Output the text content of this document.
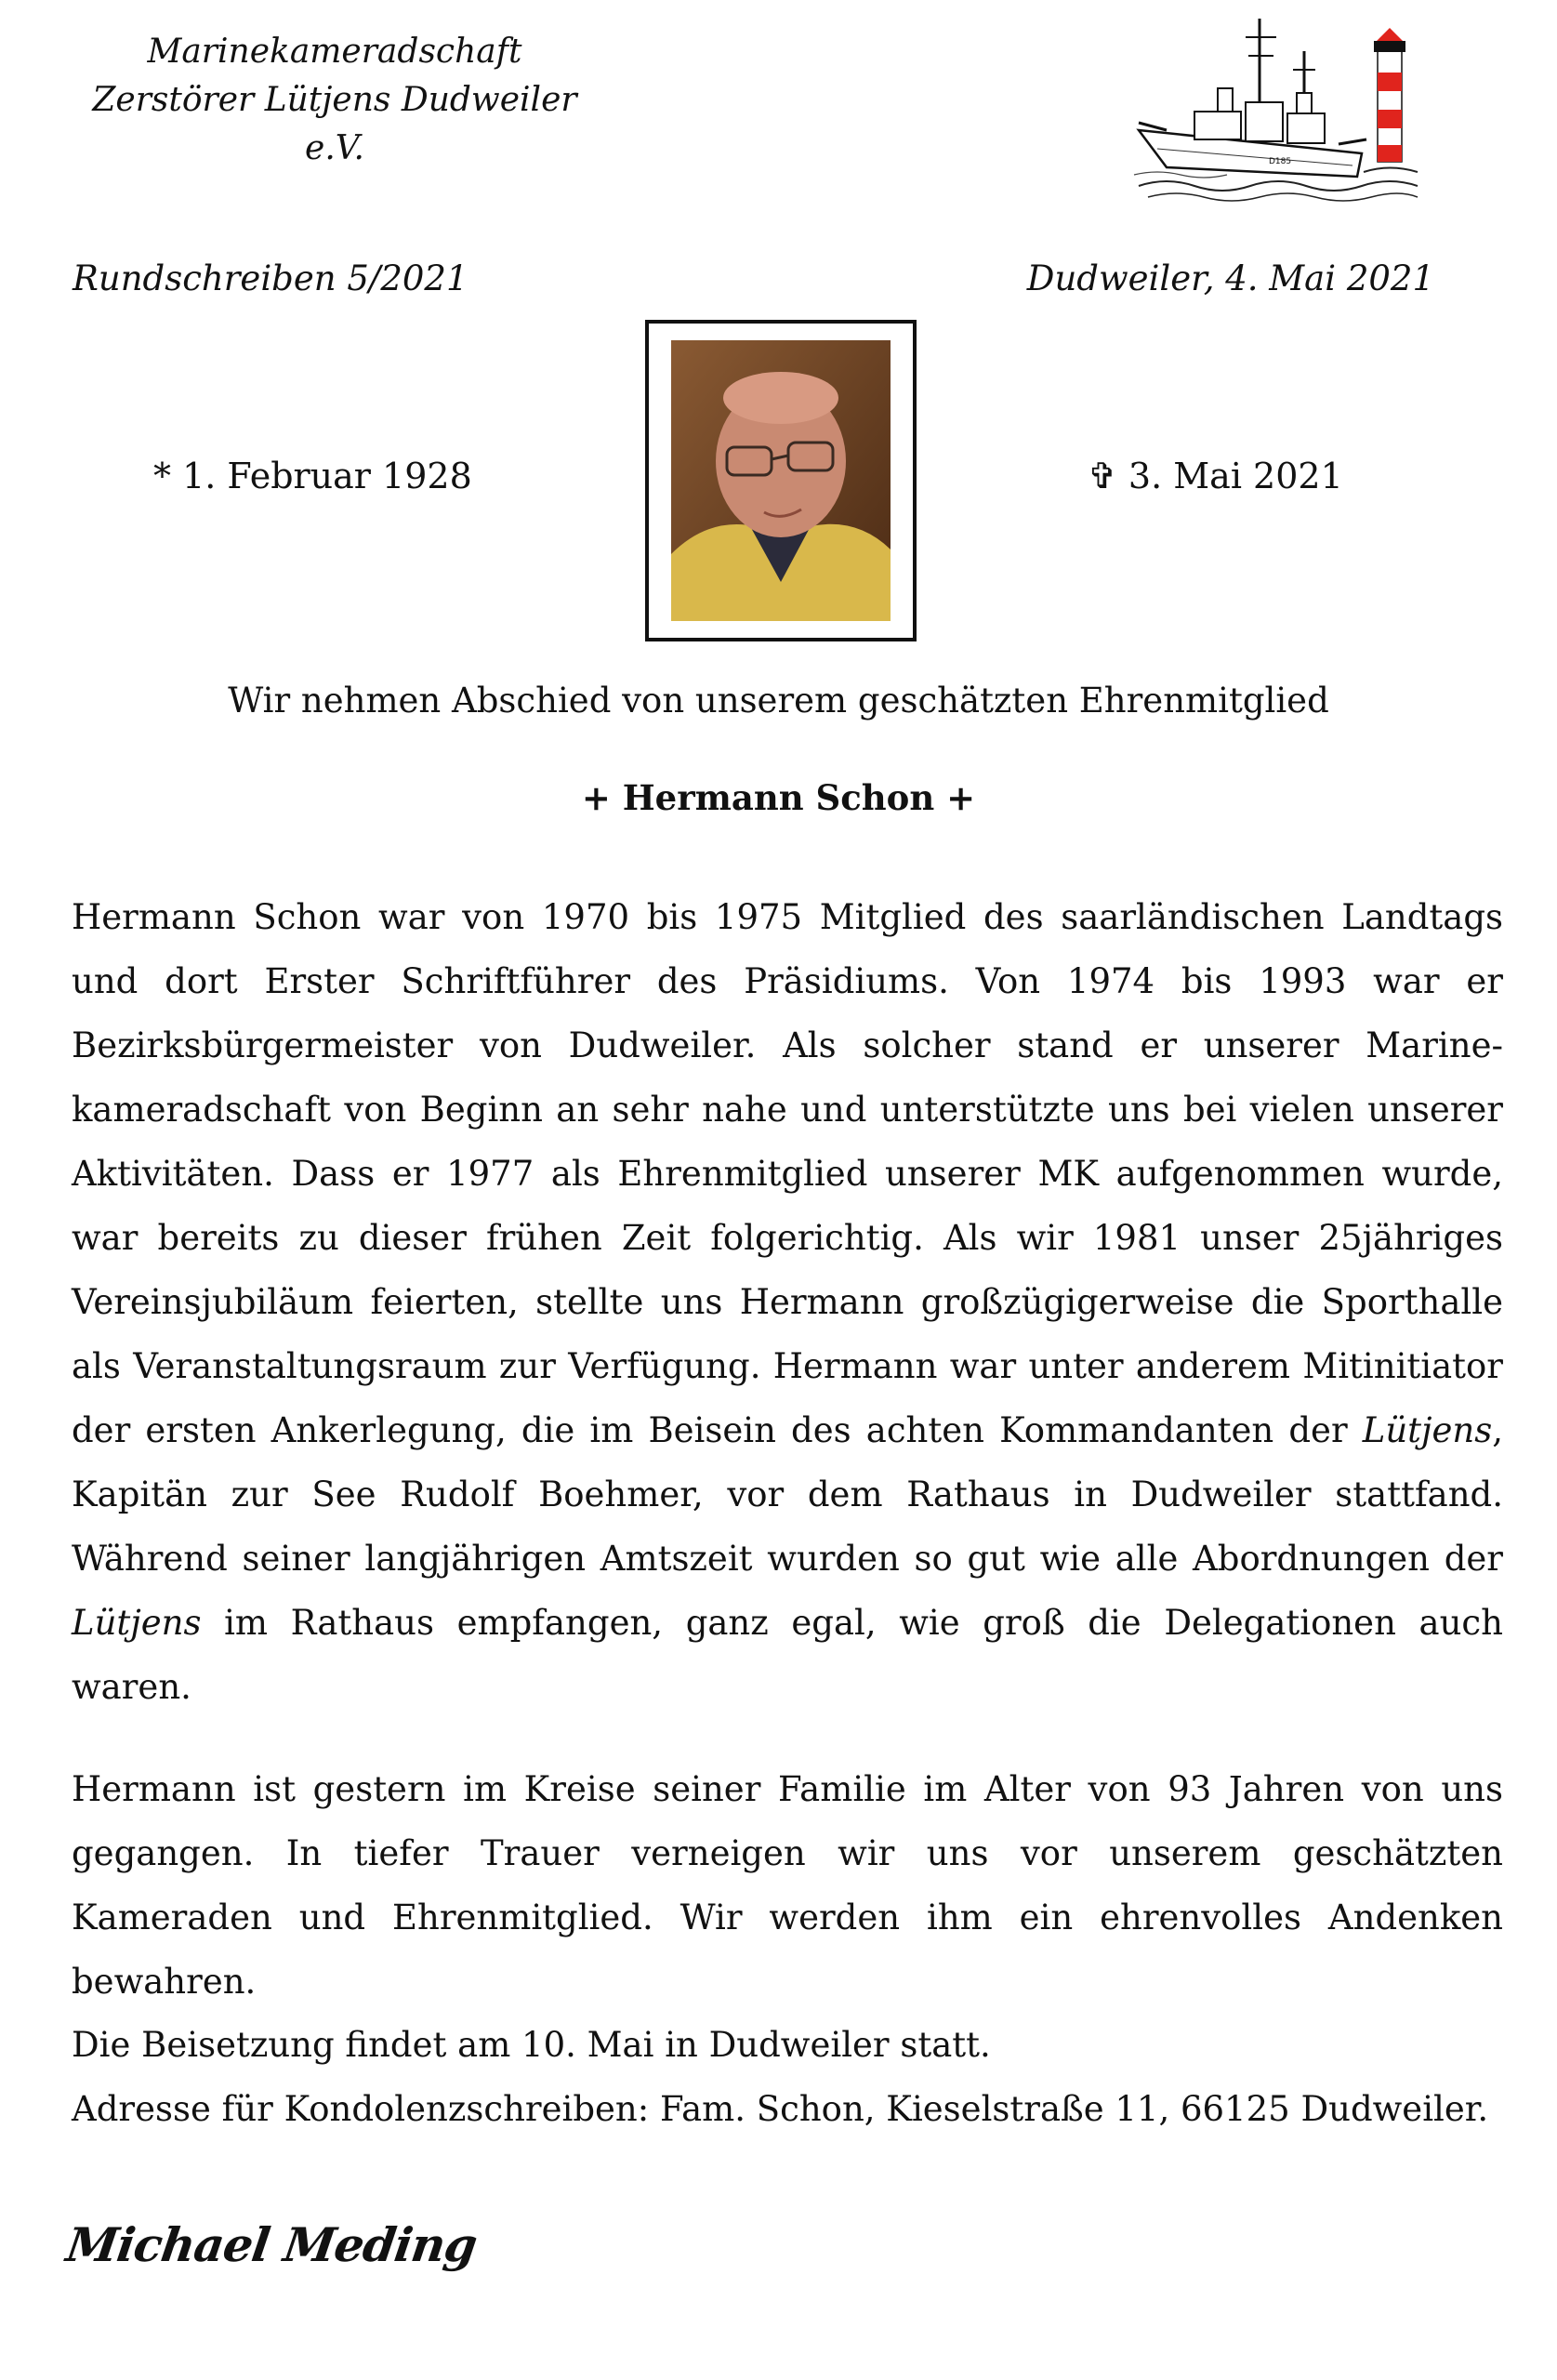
Marinekameradschaft
Zerstörer Lütjens Dudweiler e.V.	D185
Rundschreiben 5/2021	Dudweiler, 4. Mai 2021
* 1. Februar 1928	✞ 3. Mai 2021
Wir nehmen Abschied von unserem geschätzten Ehrenmitglied
+ Hermann Schon +

Hermann Schon war von 1970 bis 1975 Mitglied des saarländischen Landtags und dort Erster Schriftführer des Präsidiums. Von 1974 bis 1993 war er Bezirksbürgermeister von Dudweiler. Als solcher stand er unserer Marinekameradschaft von Beginn an sehr nahe und unterstützte uns bei vielen unserer Aktivitäten. Dass er 1977 als Ehrenmitglied unserer MK aufgenommen wurde, war bereits zu dieser frühen Zeit folgerichtig. Als wir 1981 unser 25jähriges Vereinsjubiläum feierten, stellte uns Hermann großzügigerweise die Sporthalle als Veranstaltungsraum zur Verfügung. Hermann war unter anderem Mitinitiator der ersten Ankerlegung, die im Beisein des achten Kommandanten der Lütjens, Kapitän zur See Rudolf Boehmer, vor dem Rathaus in Dudweiler stattfand. Während seiner langjährigen Amtszeit wurden so gut wie alle Abordnungen der Lütjens im Rathaus empfangen, ganz egal, wie groß die Delegationen auch waren.

Hermann ist gestern im Kreise seiner Familie im Alter von 93 Jahren von uns gegangen. In tiefer Trauer verneigen wir uns vor unserem geschätzten Kameraden und Ehrenmitglied. Wir werden ihm ein ehrenvolles Andenken bewahren.

Die Beisetzung findet am 10. Mai in Dudweiler statt.

Adresse für Kondolenzschreiben: Fam. Schon, Kieselstraße 11, 66125 Dudweiler.

Michael Meding
